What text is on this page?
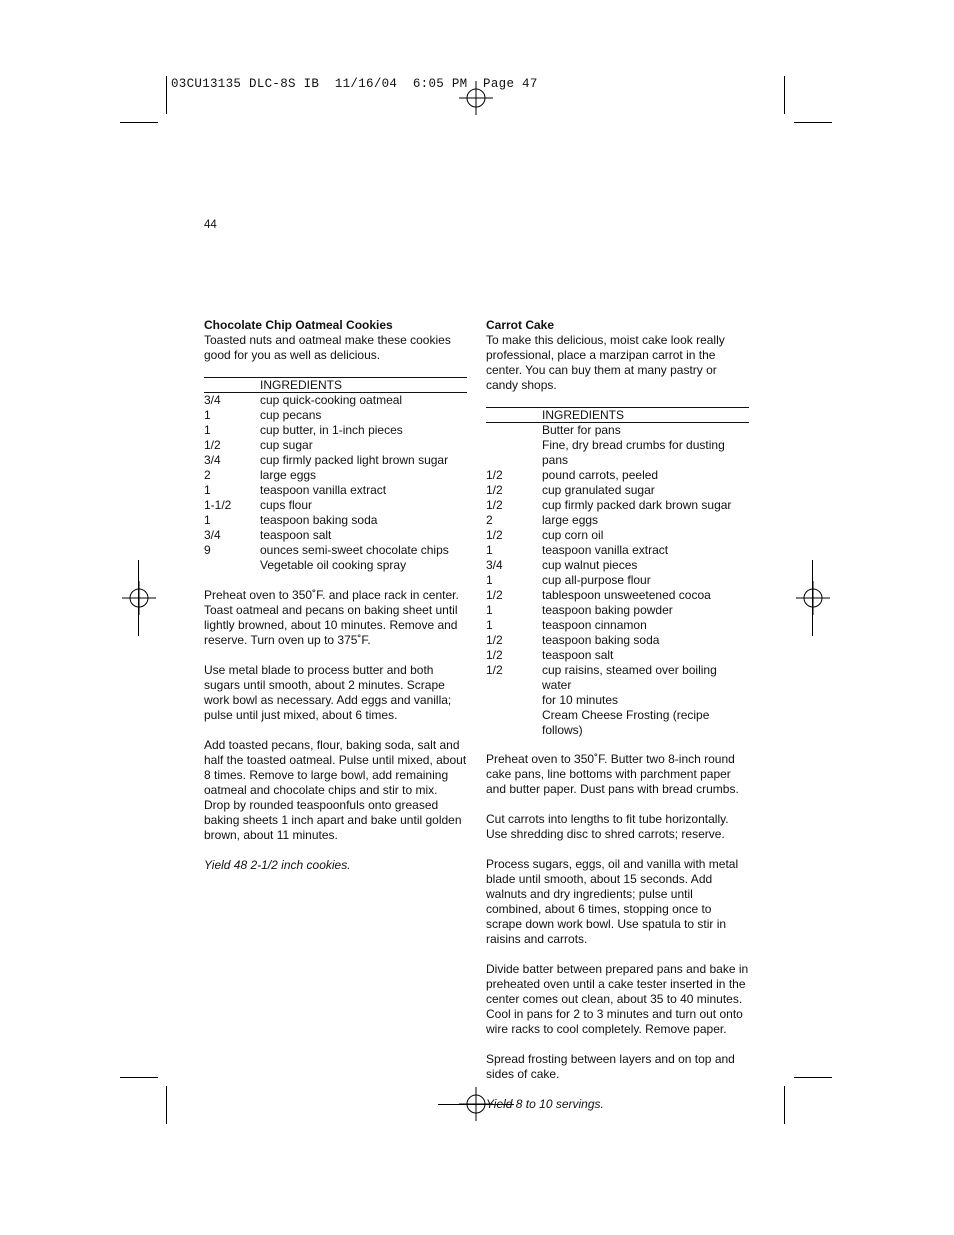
03CU13135 DLC-8S IB  11/16/04  6:05 PM  Page 47
44
Chocolate Chip Oatmeal Cookies

Toasted nuts and oatmeal make these cookies good for you as well as delicious.

INGREDIENTS
3/4	cup quick-cooking oatmeal
1	cup pecans
1	cup butter, in 1-inch pieces
1/2	cup sugar
3/4	cup firmly packed light brown sugar
2	large eggs
1	teaspoon vanilla extract
1-1/2	cups flour
1	teaspoon baking soda
3/4	teaspoon salt
9	ounces semi-sweet chocolate chips
Vegetable oil cooking spray

Preheat oven to 350˚F. and place rack in center. Toast oatmeal and pecans on baking sheet until lightly browned, about 10 minutes. Remove and reserve. Turn oven up to 375˚F.

Use metal blade to process butter and both sugars until smooth, about 2 minutes. Scrape work bowl as necessary. Add eggs and vanilla; pulse until just mixed, about 6 times.

Add toasted pecans, flour, baking soda, salt and half the toasted oatmeal. Pulse until mixed, about 8 times. Remove to large bowl, add remaining oatmeal and chocolate chips and stir to mix.

Drop by rounded teaspoonfuls onto greased baking sheets 1 inch apart and bake until golden brown, about 11 minutes.

Yield 48 2-1/2 inch cookies.

Carrot Cake

To make this delicious, moist cake look really professional, place a marzipan carrot in the center. You can buy them at many pastry or candy shops.

INGREDIENTS
Butter for pans
Fine, dry bread crumbs for dusting pans
1/2	pound carrots, peeled
1/2	cup granulated sugar
1/2	cup firmly packed dark brown sugar
2	large eggs
1/2	cup corn oil
1	teaspoon vanilla extract
3/4	cup walnut pieces
1	cup all-purpose flour
1/2	tablespoon unsweetened cocoa
1	teaspoon baking powder
1	teaspoon cinnamon
1/2	teaspoon baking soda
1/2	teaspoon salt
1/2	cup raisins, steamed over boiling water
for 10 minutes
Cream Cheese Frosting (recipe follows)

Preheat oven to 350˚F. Butter two 8-inch round cake pans, line bottoms with parchment paper and butter paper. Dust pans with bread crumbs.

Cut carrots into lengths to fit tube horizontally. Use shredding disc to shred carrots; reserve.

Process sugars, eggs, oil and vanilla with metal blade until smooth, about 15 seconds. Add walnuts and dry ingredients; pulse until combined, about 6 times, stopping once to scrape down work bowl. Use spatula to stir in raisins and carrots.

Divide batter between prepared pans and bake in preheated oven until a cake tester inserted in the center comes out clean, about 35 to 40 minutes. Cool in pans for 2 to 3 minutes and turn out onto wire racks to cool completely. Remove paper.

Spread frosting between layers and on top and sides of cake.

Yield 8 to 10 servings.
